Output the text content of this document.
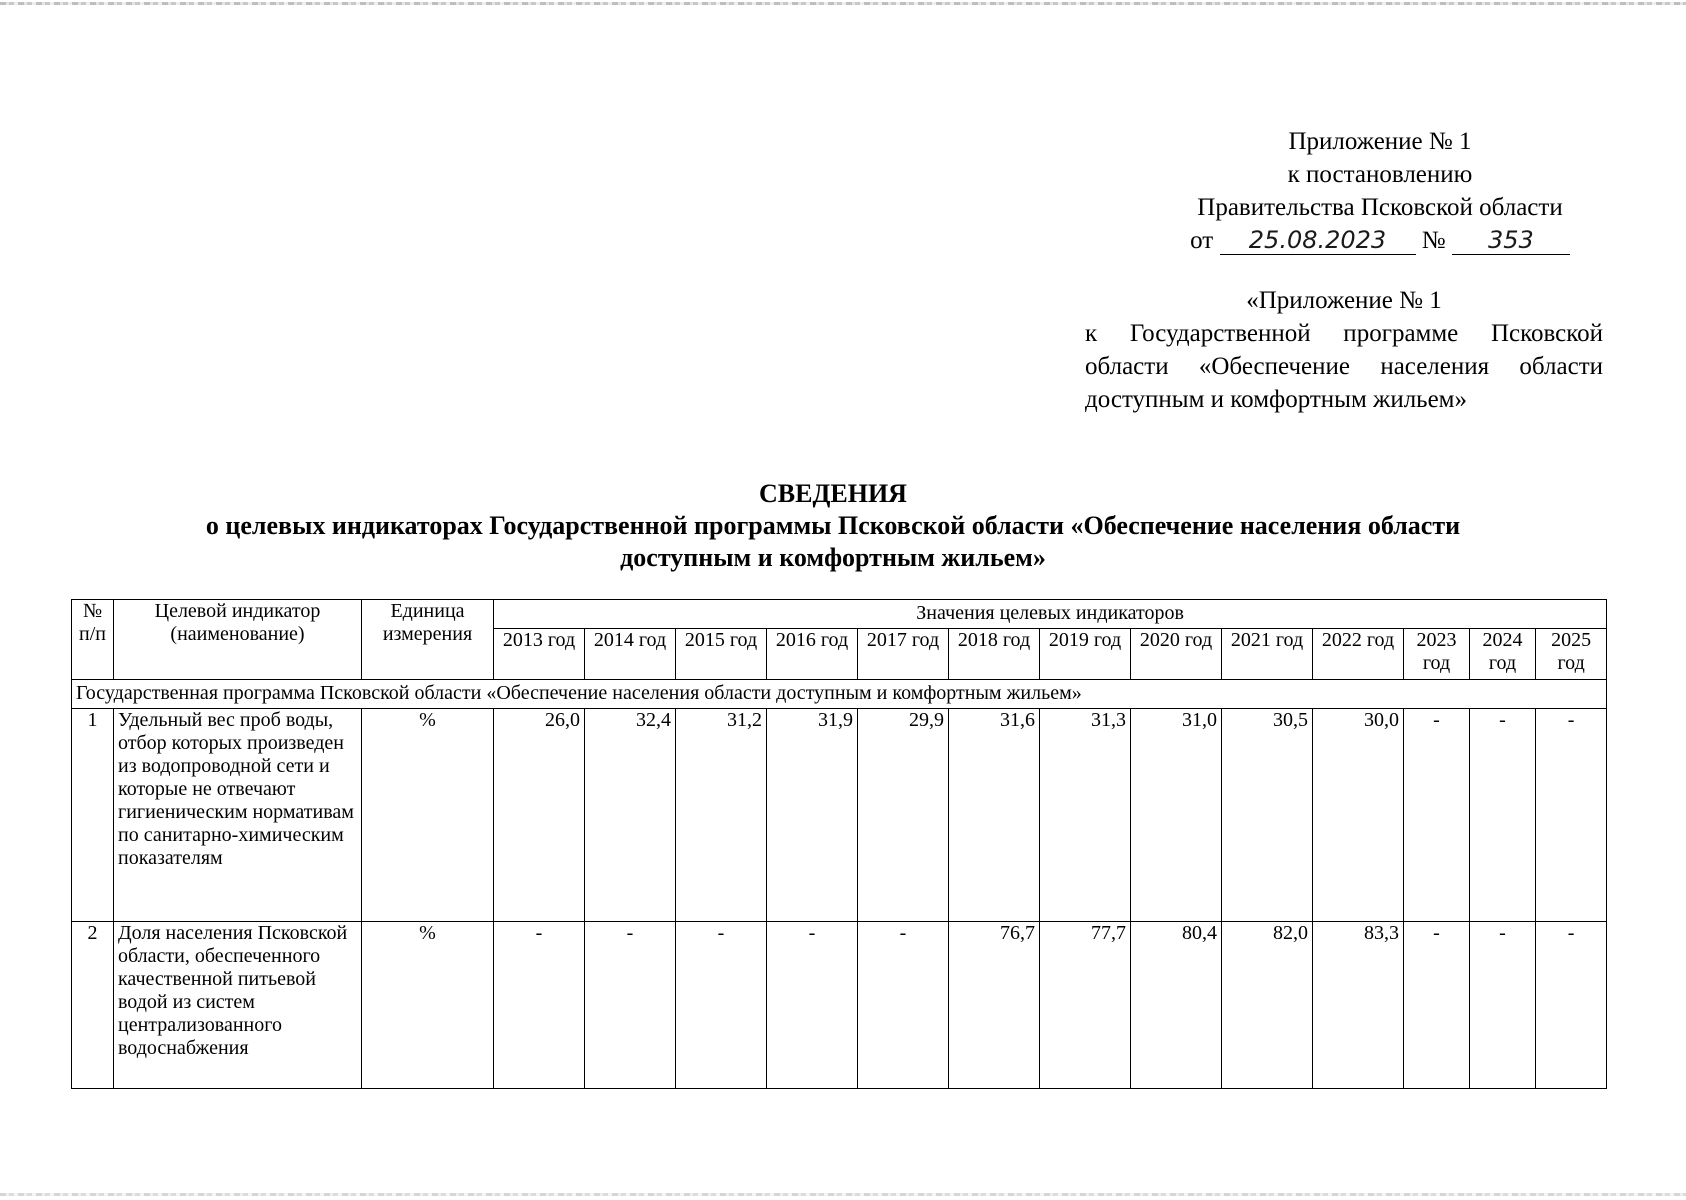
Приложение № 1
к постановлению
Правительства Псковской области
от 25.08.2023 № 353
«Приложение № 1
к Государственной программе Псковской
области «Обеспечение населения области
доступным и комфортным жильем»
СВЕДЕНИЯ
о целевых индикаторах Государственной программы Псковской области «Обеспечение населения области
доступным и комфортным жильем»
№ п/п	Целевой индикатор (наименование)	Единица измерения	Значения целевых индикаторов												
			2013 год	2014 год	2015 год	2016 год	2017 год	2018 год	2019 год	2020 год	2021 год	2022 год	2023 год	2024 год	2025 год
Государственная программа Псковской области «Обеспечение населения области доступным и комфортным жильем»															
1	Удельный вес проб воды, отбор которых произведен из водопроводной сети и которые не отвечают гигиеническим нормативам по санитарно-химическим показателям	%	26,0	32,4	31,2	31,9	29,9	31,6	31,3	31,0	30,5	30,0	-	-	-
2	Доля населения Псковской области, обеспеченного качественной питьевой водой из систем централизованного водоснабжения	%	-	-	-	-	-	76,7	77,7	80,4	82,0	83,3	-	-	-
